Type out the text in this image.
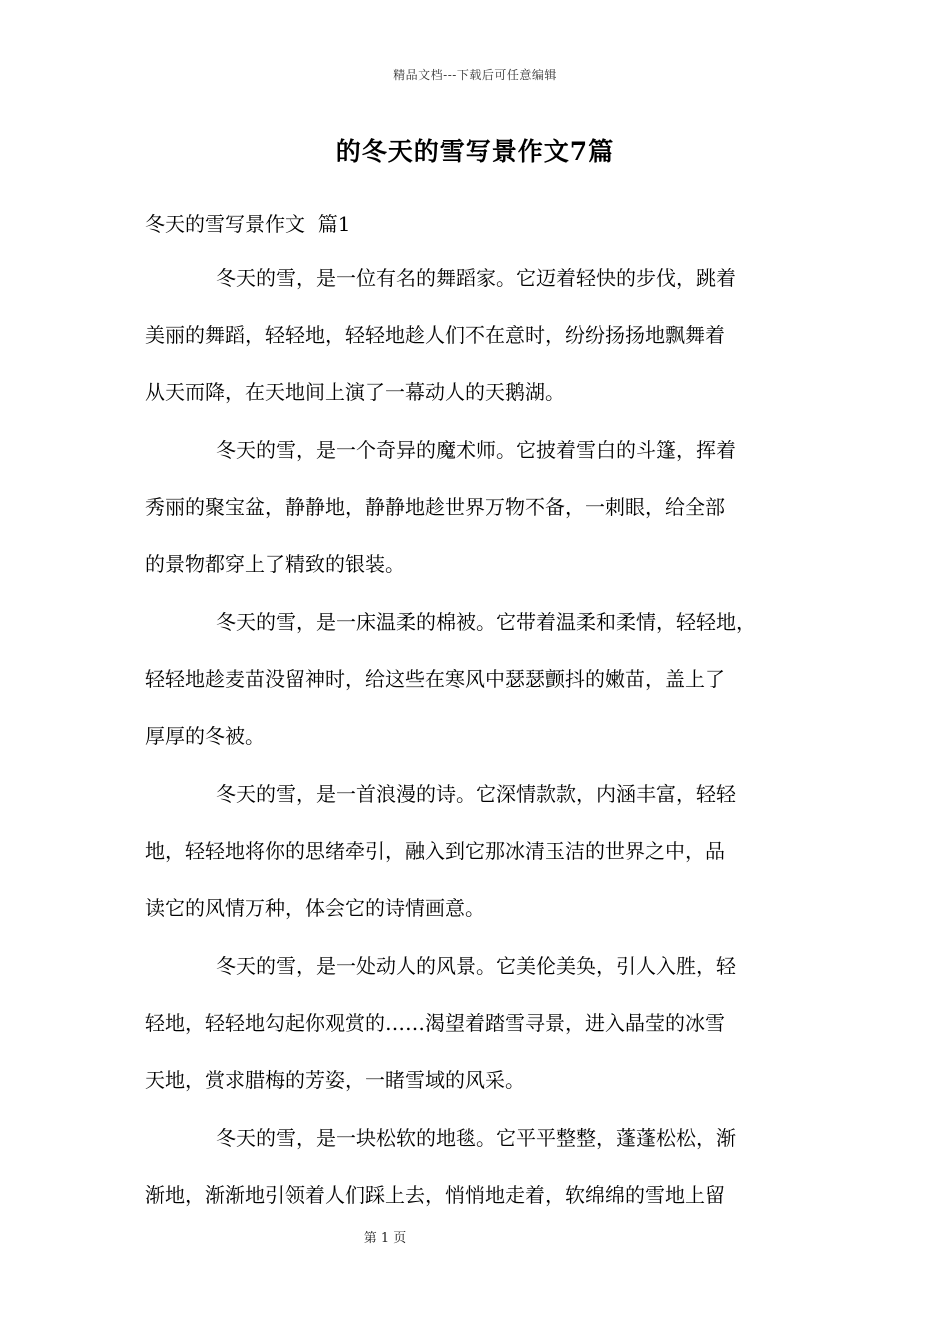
精品文档---下载后可任意编辑
的冬天的雪写景作文7篇
冬天的雪写景作文  篇1
冬天的雪，是一位有名的舞蹈家。它迈着轻快的步伐，跳着
美丽的舞蹈，轻轻地，轻轻地趁人们不在意时，纷纷扬扬地飘舞着
从天而降，在天地间上演了一幕动人的天鹅湖。
冬天的雪，是一个奇异的魔术师。它披着雪白的斗篷，挥着
秀丽的聚宝盆，静静地，静静地趁世界万物不备，一刺眼，给全部
的景物都穿上了精致的银装。
冬天的雪，是一床温柔的棉被。它带着温柔和柔情，轻轻地，
轻轻地趁麦苗没留神时，给这些在寒风中瑟瑟颤抖的嫩苗，盖上了
厚厚的冬被。
冬天的雪，是一首浪漫的诗。它深情款款，内涵丰富，轻轻
地，轻轻地将你的思绪牵引，融入到它那冰清玉洁的世界之中，品
读它的风情万种，体会它的诗情画意。
冬天的雪，是一处动人的风景。它美伦美奂，引人入胜，轻
轻地，轻轻地勾起你观赏的……渴望着踏雪寻景，进入晶莹的冰雪
天地，赏求腊梅的芳姿，一睹雪域的风采。
冬天的雪，是一块松软的地毯。它平平整整，蓬蓬松松，渐
渐地，渐渐地引领着人们踩上去，悄悄地走着，软绵绵的雪地上留
第 1 页
